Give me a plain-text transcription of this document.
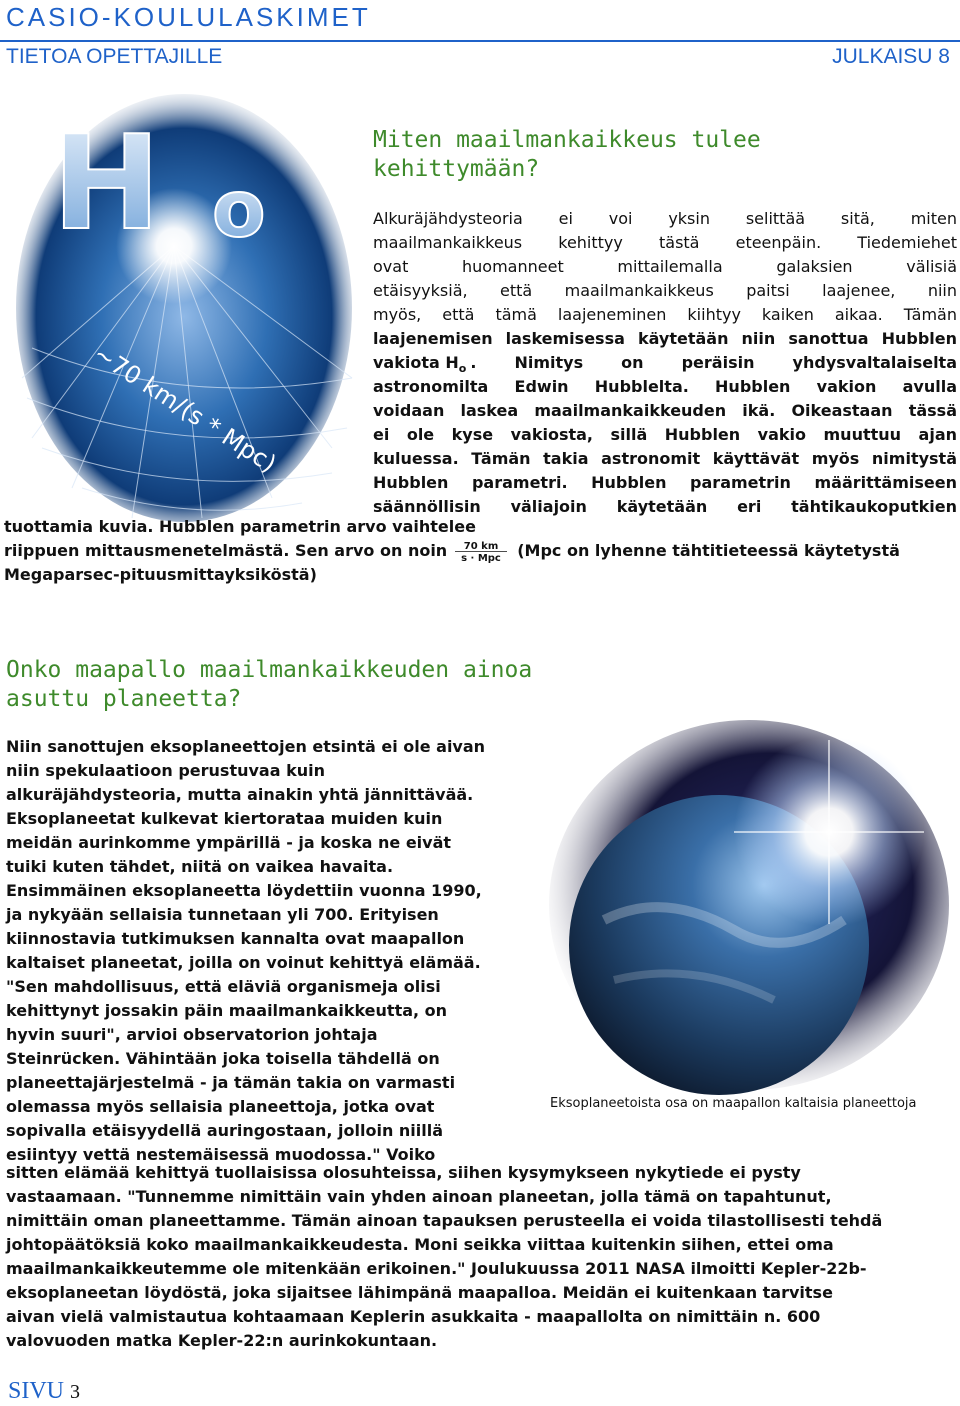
CASIO-KOULULASKIMET
TIETOA OPETTAJILLE	JULKAISU 8
H o
~70 km/(s * Mpc)
Miten maailmankaikkeus tulee kehittymään?
Alkuräjähdysteoria ei voi yksin selittää sitä, miten
maailmankaikkeus kehittyy tästä eteenpäin. Tiedemiehet
ovat huomanneet mittailemalla galaksien välisiä
etäisyyksiä, että maailmankaikkeus paitsi laajenee, niin
myös, että tämä laajeneminen kiihtyy kaiken aikaa. Tämän
laajenemisen laskemisessa käytetään niin sanottua Hubblen
vakiota $H_o$ . Nimitys on peräisin yhdysvaltalaiselta
astronomilta Edwin Hubblelta. Hubblen vakion avulla
voidaan laskea maailmankaikkeuden ikä. Oikeastaan tässä
ei ole kyse vakiosta, sillä Hubblen vakio muuttuu ajan
kuluessa. Tämän takia astronomit käyttävät myös nimitystä
Hubblen parametri. Hubblen parametrin määrittämiseen
säännöllisin väliajoin käytetään eri tähtikaukoputkien
tuottamia kuvia. Hubblen parametrin arvo vaihtelee
riippuen mittausmenetelmästä. Sen arvo on noin 70 km
s · Mpc (Mpc on lyhenne tähtitieteessä käytetystä
Megaparsec-pituusmittayksiköstä)
Onko maapallo maailmankaikkeuden ainoa asuttu planeetta?
Niin sanottujen eksoplaneettojen etsintä ei ole aivan
niin spekulaatioon perustuvaa kuin
alkuräjähdysteoria, mutta ainakin yhtä jännittävää.
Eksoplaneetat kulkevat kiertorataa muiden kuin
meidän aurinkomme ympärillä - ja koska ne eivät
tuiki kuten tähdet, niitä on vaikea havaita.
Ensimmäinen eksoplaneetta löydettiin vuonna 1990,
ja nykyään sellaisia tunnetaan yli 700. Erityisen
kiinnostavia tutkimuksen kannalta ovat maapallon
kaltaiset planeetat, joilla on voinut kehittyä elämää.
"Sen mahdollisuus, että eläviä organismeja olisi
kehittynyt jossakin päin maailmankaikkeutta, on
hyvin suuri", arvioi observatorion johtaja
Steinrücken. Vähintään joka toisella tähdellä on
planeettajärjestelmä - ja tämän takia on varmasti
olemassa myös sellaisia planeettoja, jotka ovat
sopivalla etäisyydellä auringostaan, jolloin niillä
esiintyy vettä nestemäisessä muodossa." Voiko
Eksoplaneetoista osa on maapallon kaltaisia planeettoja
sitten elämää kehittyä tuollaisissa olosuhteissa, siihen kysymykseen nykytiede ei pysty
vastaamaan. "Tunnemme nimittäin vain yhden ainoan planeetan, jolla tämä on tapahtunut,
nimittäin oman planeettamme. Tämän ainoan tapauksen perusteella ei voida tilastollisesti tehdä
johtopäätöksiä koko maailmankaikkeudesta. Moni seikka viittaa kuitenkin siihen, ettei oma
maailmankaikkeutemme ole mitenkään erikoinen." Joulukuussa 2011 NASA ilmoitti Kepler-22b-
eksoplaneetan löydöstä, joka sijaitsee lähimpänä maapalloa. Meidän ei kuitenkaan tarvitse
aivan vielä valmistautua kohtaamaan Keplerin asukkaita - maapallolta on nimittäin n. 600
valovuoden matka Kepler-22:n aurinkokuntaan.
SIVU 3
